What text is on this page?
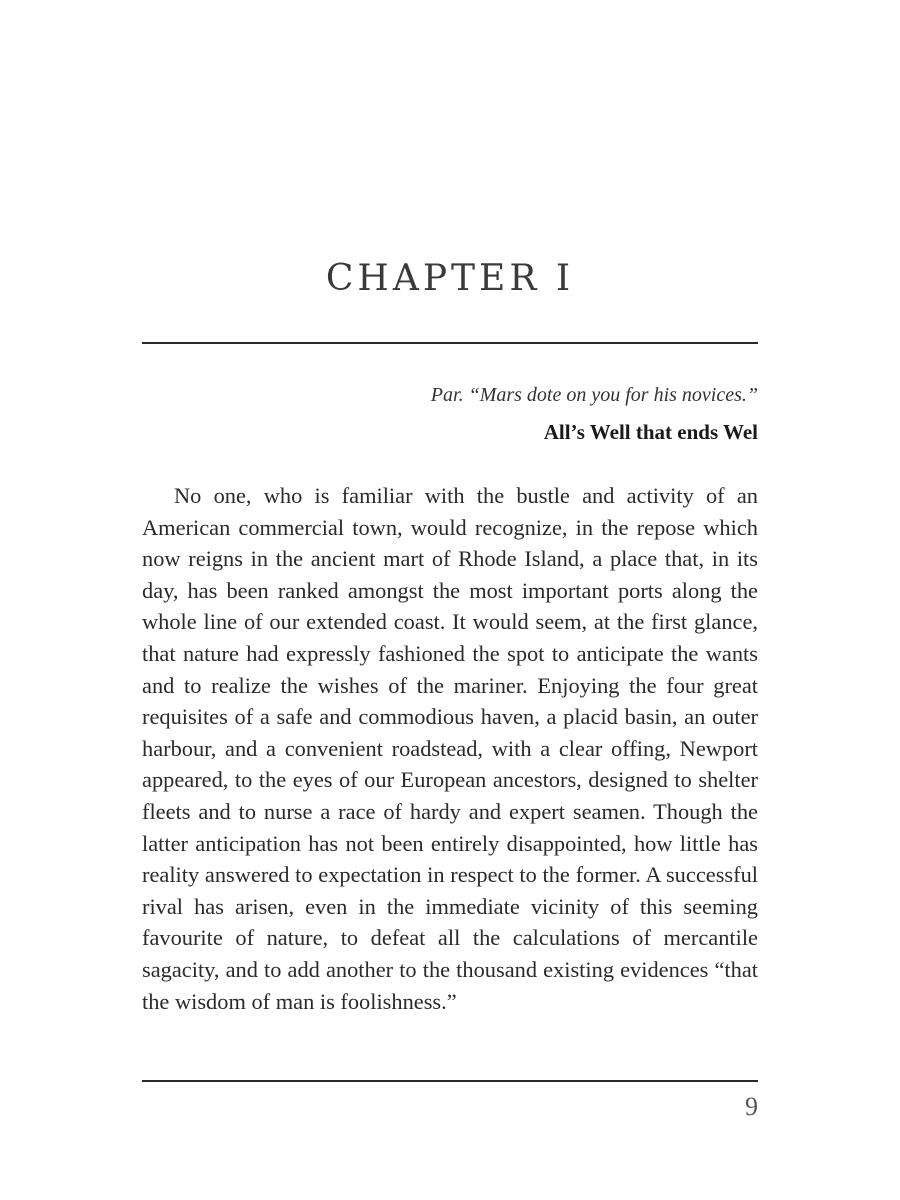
CHAPTER I

Par. “Mars dote on you for his novices.”

All’s Well that ends Wel

No one, who is familiar with the bustle and activity of an American commercial town, would recognize, in the repose which now reigns in the ancient mart of Rhode Island, a place that, in its day, has been ranked amongst the most important ports along the whole line of our extended coast. It would seem, at the first glance, that nature had expressly fashioned the spot to anticipate the wants and to realize the wishes of the mariner. Enjoying the four great requisites of a safe and commodious haven, a placid basin, an outer harbour, and a convenient roadstead, with a clear offing, Newport appeared, to the eyes of our European ancestors, designed to shelter fleets and to nurse a race of hardy and expert seamen. Though the latter anticipation has not been entirely disappointed, how little has reality answered to expectation in respect to the former. A successful rival has arisen, even in the immediate vicinity of this seeming favourite of nature, to defeat all the calculations of mercantile sagacity, and to add another to the thousand existing evidences “that the wisdom of man is foolishness.”

9
